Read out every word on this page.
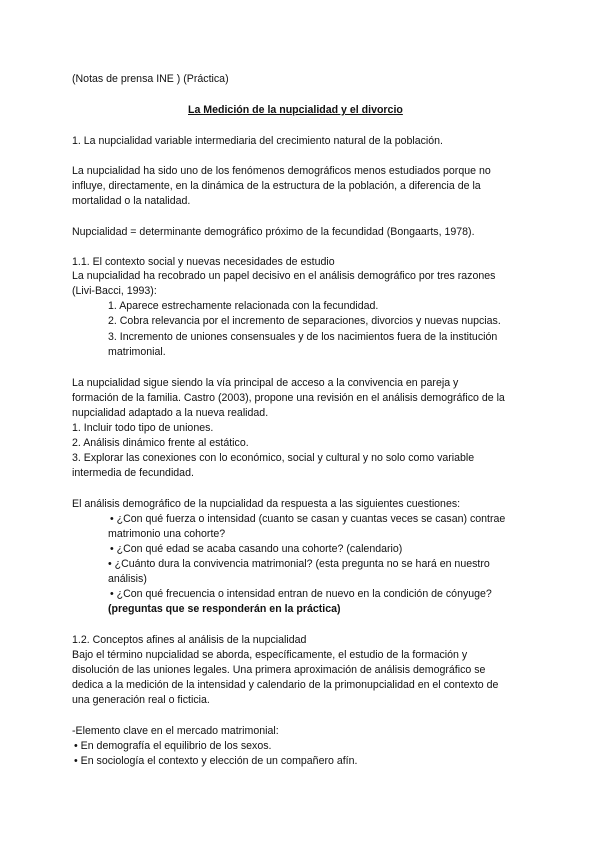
(Notas de prensa INE ) (Práctica)
La Medición de la nupcialidad y el divorcio
1. La nupcialidad variable intermediaria del crecimiento natural de la población.
La nupcialidad ha sido uno de los fenómenos demográficos menos estudiados porque no
influye, directamente, en la dinámica de la estructura de la población, a diferencia de la
mortalidad o la natalidad.
Nupcialidad = determinante demográfico próximo de la fecundidad (Bongaarts, 1978).
1.1. El contexto social y nuevas necesidades de estudio
La nupcialidad ha recobrado un papel decisivo en el análisis demográfico por tres razones
(Livi-Bacci, 1993):
1. Aparece estrechamente relacionada con la fecundidad.
2. Cobra relevancia por el incremento de separaciones, divorcios y nuevas nupcias.
3. Incremento de uniones consensuales y de los nacimientos fuera de la institución
matrimonial.
La nupcialidad sigue siendo la vía principal de acceso a la convivencia en pareja y
formación de la familia. Castro (2003), propone una revisión en el análisis demográfico de la
nupcialidad adaptado a la nueva realidad.
1. Incluir todo tipo de uniones.
2. Análisis dinámico frente al estático.
3. Explorar las conexiones con lo económico, social y cultural y no solo como variable
intermedia de fecundidad.
El análisis demográfico de la nupcialidad da respuesta a las siguientes cuestiones:
• ¿Con qué fuerza o intensidad (cuanto se casan y cuantas veces se casan) contrae
matrimonio una cohorte?
• ¿Con qué edad se acaba casando una cohorte? (calendario)
• ¿Cuánto dura la convivencia matrimonial? (esta pregunta no se hará en nuestro
análisis)
• ¿Con qué frecuencia o intensidad entran de nuevo en la condición de cónyuge?
(preguntas que se responderán en la práctica)
1.2. Conceptos afines al análisis de la nupcialidad
Bajo el término nupcialidad se aborda, específicamente, el estudio de la formación y
disolución de las uniones legales. Una primera aproximación de análisis demográfico se
dedica a la medición de la intensidad y calendario de la primonupcialidad en el contexto de
una generación real o ficticia.
-Elemento clave en el mercado matrimonial:
• En demografía el equilibrio de los sexos.
• En sociología el contexto y elección de un compañero afín.
